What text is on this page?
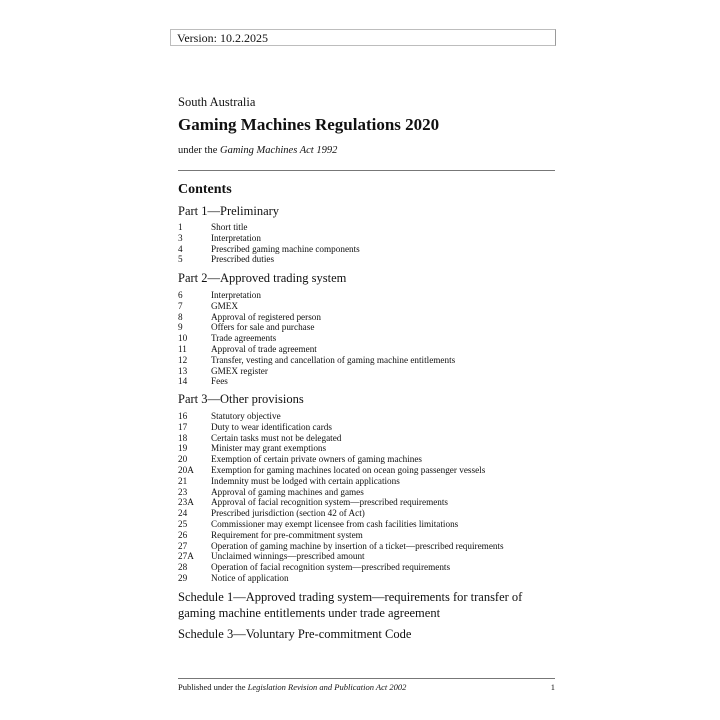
Version: 10.2.2025
South Australia
Gaming Machines Regulations 2020
under the Gaming Machines Act 1992
Contents
Part 1—Preliminary
1	Short title
3	Interpretation
4	Prescribed gaming machine components
5	Prescribed duties
Part 2—Approved trading system
6	Interpretation
7	GMEX
8	Approval of registered person
9	Offers for sale and purchase
10	Trade agreements
11	Approval of trade agreement
12	Transfer, vesting and cancellation of gaming machine entitlements
13	GMEX register
14	Fees
Part 3—Other provisions
16	Statutory objective
17	Duty to wear identification cards
18	Certain tasks must not be delegated
19	Minister may grant exemptions
20	Exemption of certain private owners of gaming machines
20A	Exemption for gaming machines located on ocean going passenger vessels
21	Indemnity must be lodged with certain applications
23	Approval of gaming machines and games
23A	Approval of facial recognition system—prescribed requirements
24	Prescribed jurisdiction (section 42 of Act)
25	Commissioner may exempt licensee from cash facilities limitations
26	Requirement for pre-commitment system
27	Operation of gaming machine by insertion of a ticket—prescribed requirements
27A	Unclaimed winnings—prescribed amount
28	Operation of facial recognition system—prescribed requirements
29	Notice of application
Schedule 1—Approved trading system—requirements for transfer of gaming machine entitlements under trade agreement
Schedule 3—Voluntary Pre-commitment Code
Published under the Legislation Revision and Publication Act 2002	1
